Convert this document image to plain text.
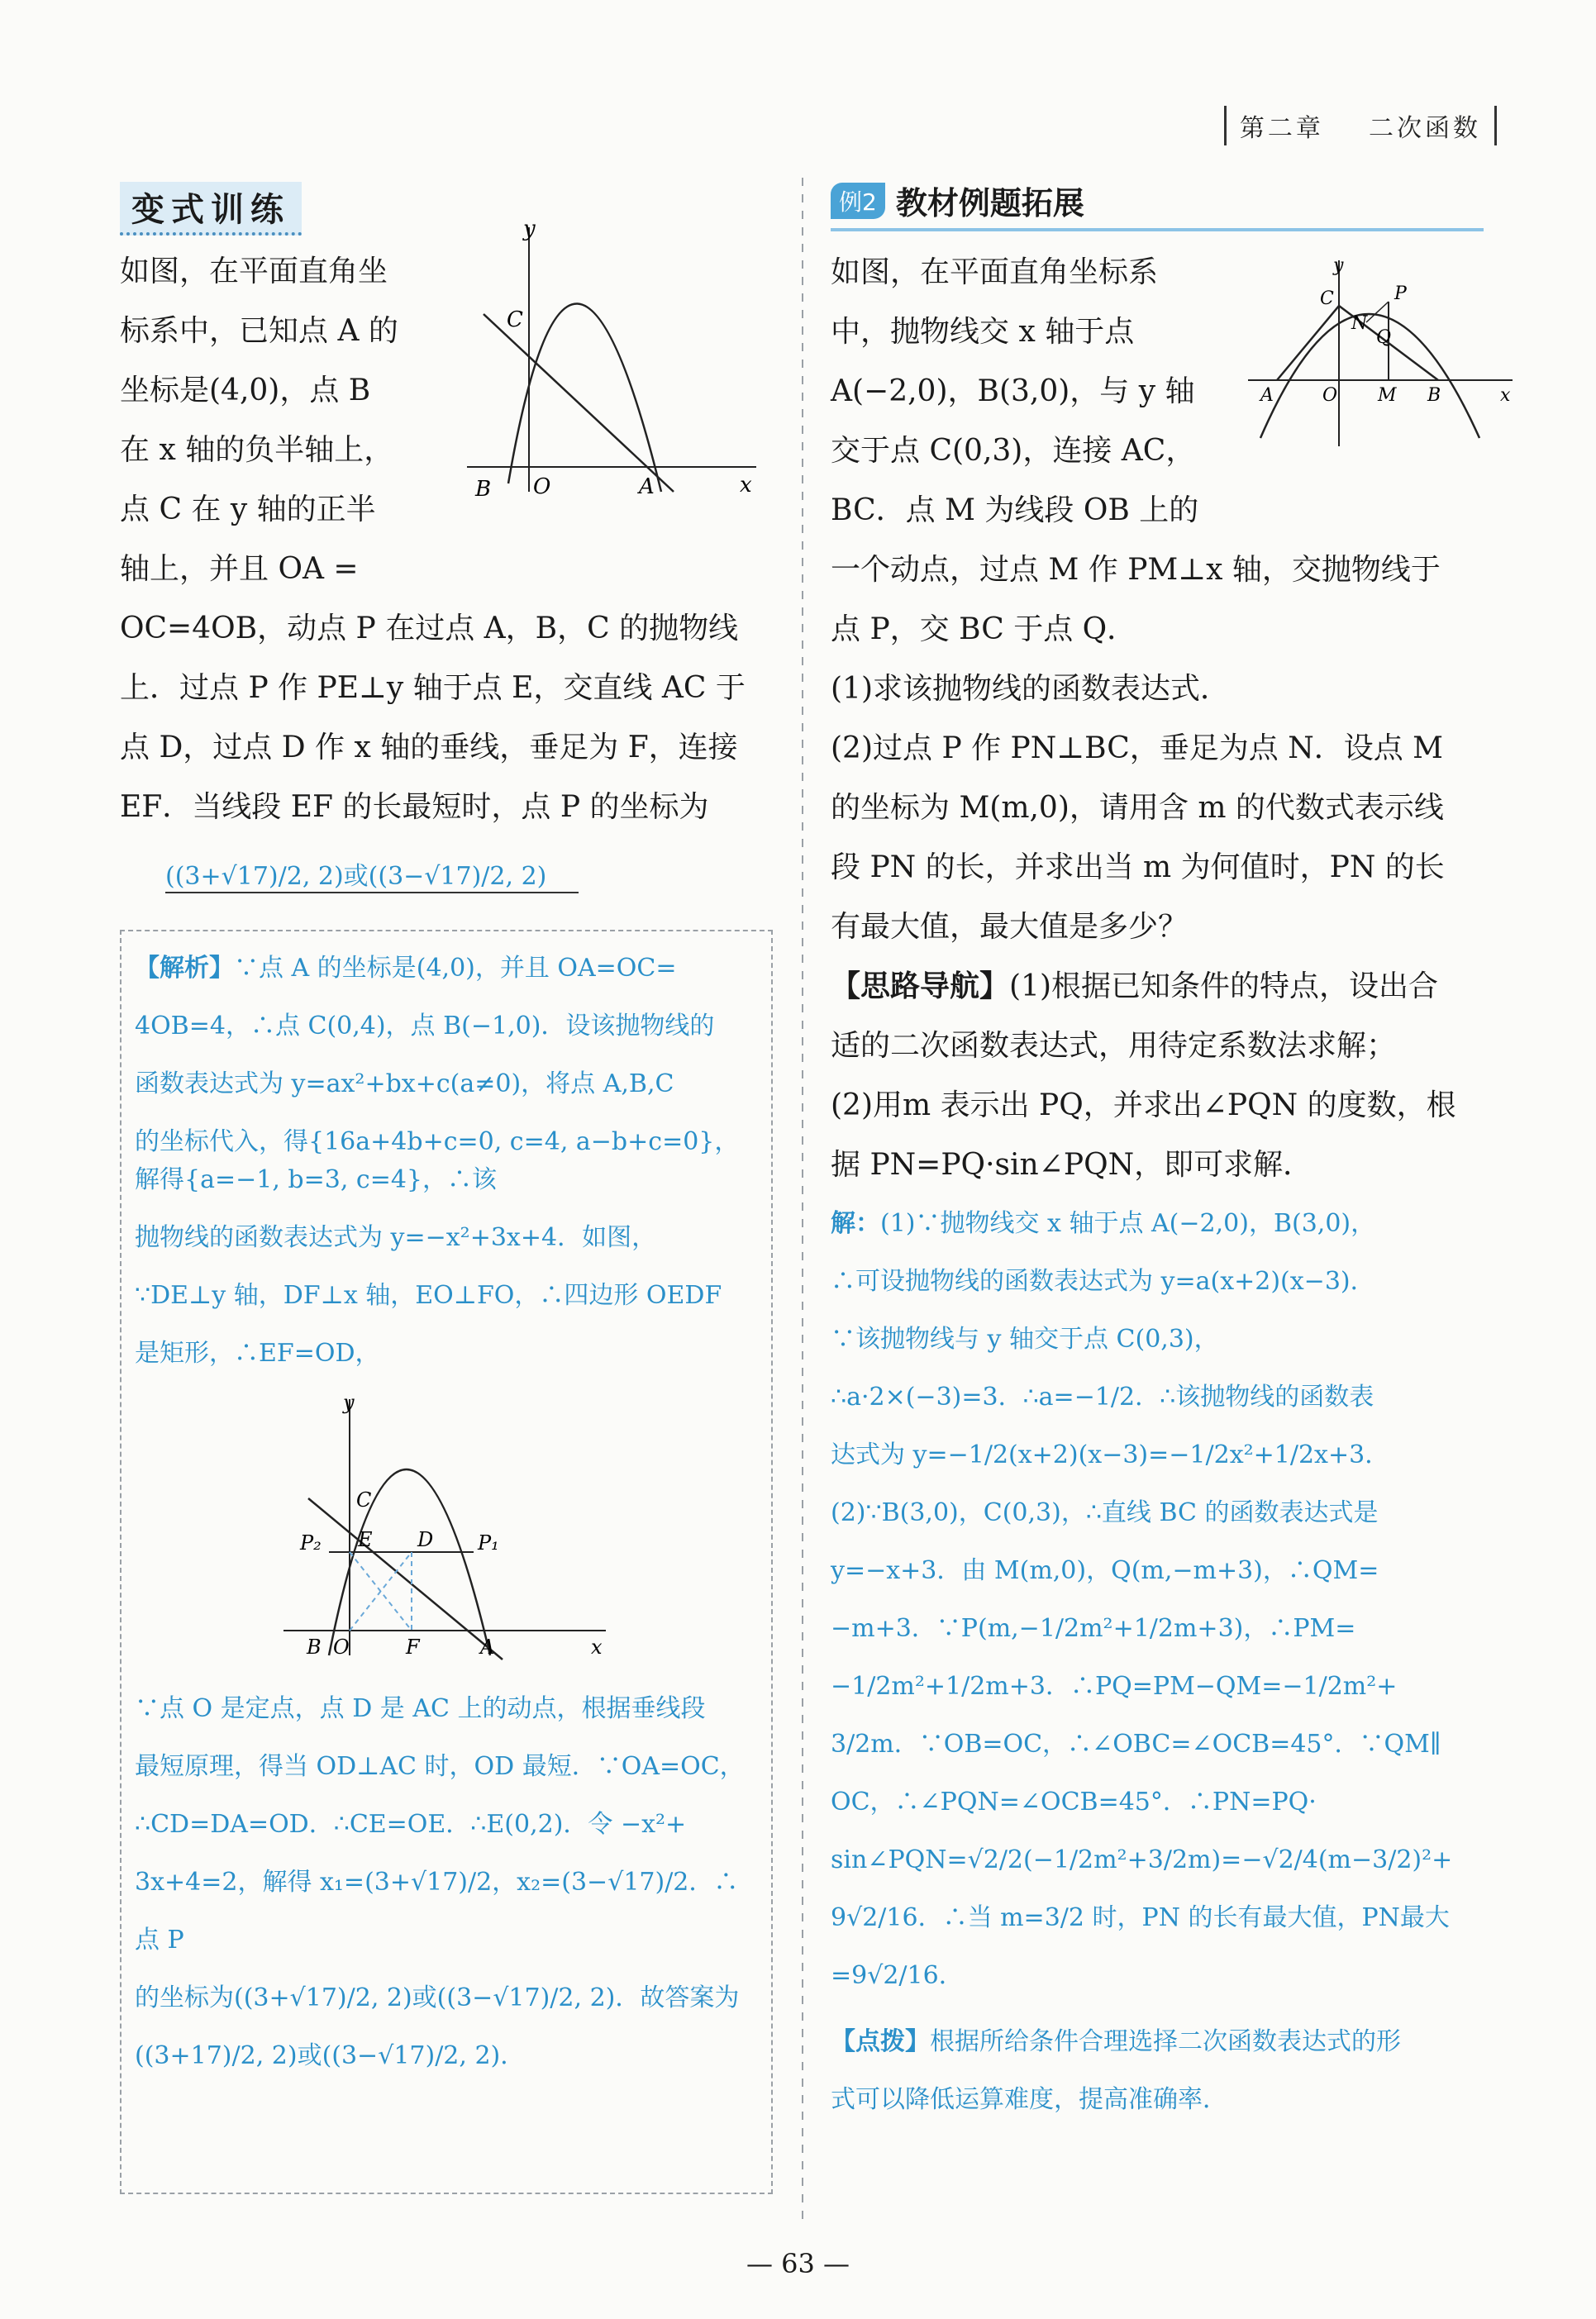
第二章 二次函数
变式训练

如图，在平面直角坐

标系中，已知点 A 的

坐标是(4,0)，点 B

在 x 轴的负半轴上，

点 C 在 y 轴的正半

轴上，并且 OA =

OC=4OB，动点 P 在过点 A，B，C 的抛物线

上．过点 P 作 PE⊥y 轴于点 E，交直线 AC 于

点 D，过点 D 作 x 轴的垂线，垂足为 F，连接

EF．当线段 EF 的长最短时，点 P 的坐标为

y
x
B O	A
C
((3+√17)/2, 2)或((3−√17)/2, 2)

【解析】∵点 A 的坐标是(4,0)，并且 OA=OC=

4OB=4，∴点 C(0,4)，点 B(−1,0)．设该抛物线的

函数表达式为 y=ax²+bx+c(a≠0)，将点 A,B,C

的坐标代入，得{16a+4b+c=0, c=4, a−b+c=0}，解得{a=−1, b=3, c=4}，∴该

抛物线的函数表达式为 y=−x²+3x+4．如图，

∵DE⊥y 轴，DF⊥x 轴，EO⊥FO，∴四边形 OEDF

是矩形，∴EF=OD，

y
x
B O	A
C
E D
F
P₁
P₂

∵点 O 是定点，点 D 是 AC 上的动点，根据垂线段

最短原理，得当 OD⊥AC 时，OD 最短．∵OA=OC，

∴CD=DA=OD．∴CE=OE．∴E(0,2)．令 −x²+

3x+4=2，解得 x₁=(3+√17)/2，x₂=(3−√17)/2．∴点 P

的坐标为((3+√17)/2, 2)或((3−√17)/2, 2)．故答案为

((3+17)/2, 2)或((3−√17)/2, 2)．

例2 教材例题拓展

如图，在平面直角坐标系

中，抛物线交 x 轴于点

A(−2,0)，B(3,0)，与 y 轴

交于点 C(0,3)，连接 AC，

BC．点 M 为线段 OB 上的

一个动点，过点 M 作 PM⊥x 轴，交抛物线于

点 P，交 BC 于点 Q．

(1)求该抛物线的函数表达式．

(2)过点 P 作 PN⊥BC，垂足为点 N．设点 M

的坐标为 M(m,0)，请用含 m 的代数式表示线

段 PN 的长，并求出当 m 为何值时，PN 的长

有最大值，最大值是多少？

【思路导航】(1)根据已知条件的特点，设出合

适的二次函数表达式，用待定系数法求解；

(2)用m 表示出 PQ，并求出∠PQN 的度数，根

据 PN=PQ·sin∠PQN，即可求解．

解：(1)∵抛物线交 x 轴于点 A(−2,0)，B(3,0)，

∴可设抛物线的函数表达式为 y=a(x+2)(x−3)．

∵该抛物线与 y 轴交于点 C(0,3)，

∴a·2×(−3)=3．∴a=−1/2．∴该抛物线的函数表

达式为 y=−1/2(x+2)(x−3)=−1/2x²+1/2x+3．

(2)∵B(3,0)，C(0,3)，∴直线 BC 的函数表达式是

y=−x+3．由 M(m,0)，Q(m,−m+3)，∴QM=

−m+3．∵P(m,−1/2m²+1/2m+3)，∴PM=

−1/2m²+1/2m+3．∴PQ=PM−QM=−1/2m²+

3/2m．∵OB=OC，∴∠OBC=∠OCB=45°．∵QM∥

OC，∴∠PQN=∠OCB=45°．∴PN=PQ·

sin∠PQN=√2/2(−1/2m²+3/2m)=−√2/4(m−3/2)²+

9√2/16．∴当 m=3/2 时，PN 的长有最大值，PN最大

=9√2/16．

【点拨】根据所给条件合理选择二次函数表达式的形

式可以降低运算难度，提高准确率．

y
x
A	O M B
C	P
N
Q
— 63 —
